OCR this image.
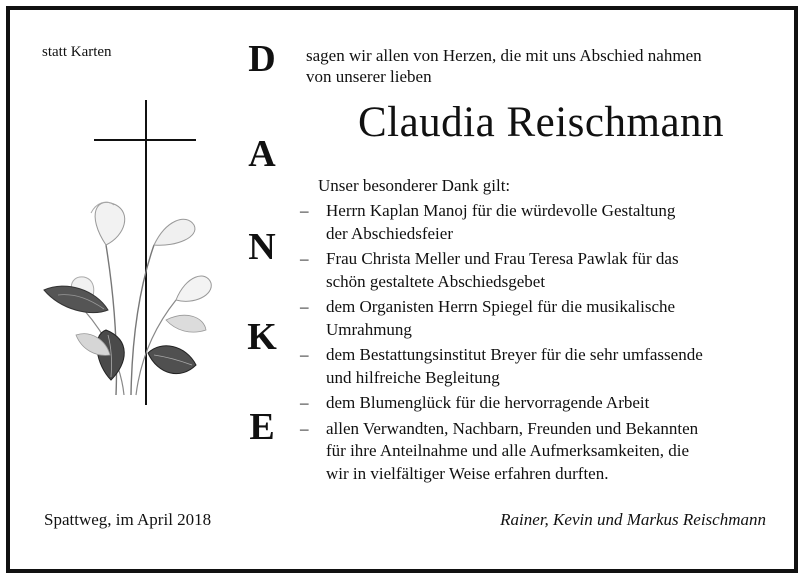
statt Karten	D
A
N
K
E
sagen wir allen von Herzen, die mit uns Abschied nahmen
von unserer lieben
Claudia Reischmann
Unser besonderer Dank gilt:
– Herrn Kaplan Manoj für die würdevolle Gestaltung
der Abschiedsfeier
– Frau Christa Meller und Frau Teresa Pawlak für das
schön gestaltete Abschiedsgebet
– dem Organisten Herrn Spiegel für die musikalische
Umrahmung
– dem Bestattungsinstitut Breyer für die sehr umfassende
und hilfreiche Begleitung
– dem Blumenglück für die hervorragende Arbeit
– allen Verwandten, Nachbarn, Freunden und Bekannten
für ihre Anteilnahme und alle Aufmerksamkeiten, die
wir in vielfältiger Weise erfahren durften.
Spattweg, im April 2018	Rainer, Kevin und Markus Reischmann
